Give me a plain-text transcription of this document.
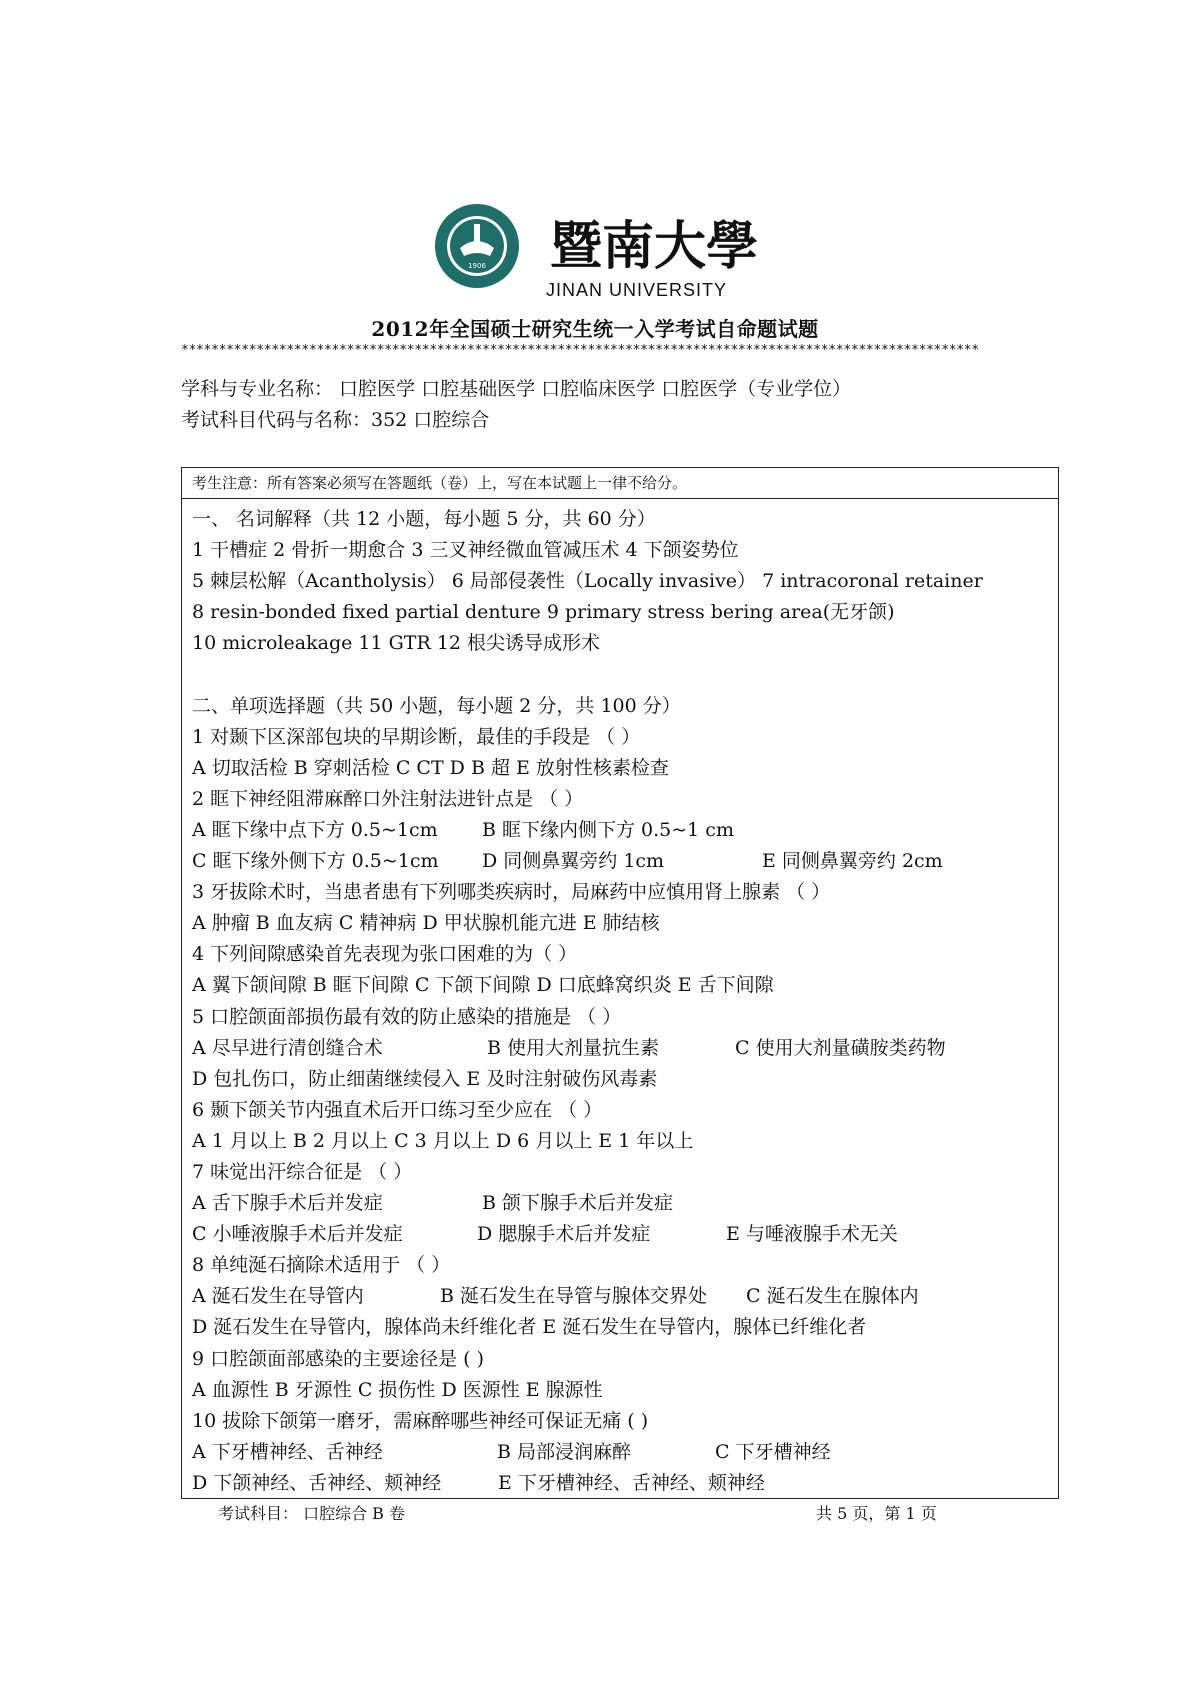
1906 暨南大學
JINAN UNIVERSITY
2012年全国硕士研究生统一入学考试自命题试题
**********************************************************************************************************
学科与专业名称： 口腔医学 口腔基础医学 口腔临床医学 口腔医学（专业学位）
考试科目代码与名称：352 口腔综合
考生注意：所有答案必须写在答题纸（卷）上，写在本试题上一律不给分。
一、 名词解释（共 12 小题，每小题 5 分，共 60 分）
1 干槽症 2 骨折一期愈合 3 三叉神经微血管减压术 4 下颌姿势位
5 棘层松解（Acantholysis） 6 局部侵袭性（Locally invasive） 7 intracoronal retainer
8 resin-bonded fixed partial denture 9 primary stress bering area(无牙颌)
10 microleakage 11 GTR 12 根尖诱导成形术
二、单项选择题（共 50 小题，每小题 2 分，共 100 分）
1 对颞下区深部包块的早期诊断，最佳的手段是 （ ）
A 切取活检 B 穿刺活检 C CT D B 超 E 放射性核素检查
2 眶下神经阻滞麻醉口外注射法进针点是 （ ）
A 眶下缘中点下方 0.5~1cm B 眶下缘内侧下方 0.5~1 cm
C 眶下缘外侧下方 0.5~1cm D 同侧鼻翼旁约 1cm	E 同侧鼻翼旁约 2cm
3 牙拔除术时，当患者患有下列哪类疾病时，局麻药中应慎用肾上腺素 （ ）
A 肿瘤 B 血友病 C 精神病 D 甲状腺机能亢进 E 肺结核
4 下列间隙感染首先表现为张口困难的为（ ）
A 翼下颌间隙 B 眶下间隙 C 下颌下间隙 D 口底蜂窝织炎 E 舌下间隙
5 口腔颌面部损伤最有效的防止感染的措施是 （ ）
A 尽早进行清创缝合术	B 使用大剂量抗生素	C 使用大剂量磺胺类药物
D 包扎伤口，防止细菌继续侵入 E 及时注射破伤风毒素
6 颞下颌关节内强直术后开口练习至少应在 （ ）
A 1 月以上 B 2 月以上 C 3 月以上 D 6 月以上 E 1 年以上
7 味觉出汗综合征是 （ ）
A 舌下腺手术后并发症	B 颌下腺手术后并发症
C 小唾液腺手术后并发症	D 腮腺手术后并发症	E 与唾液腺手术无关
8 单纯涎石摘除术适用于 （ ）
A 涎石发生在导管内	B 涎石发生在导管与腺体交界处 C 涎石发生在腺体内
D 涎石发生在导管内，腺体尚未纤维化者 E 涎石发生在导管内，腺体已纤维化者
9 口腔颌面部感染的主要途径是 ( )
A 血源性 B 牙源性 C 损伤性 D 医源性 E 腺源性
10 拔除下颌第一磨牙，需麻醉哪些神经可保证无痛 ( )
A 下牙槽神经、舌神经	B 局部浸润麻醉	C 下牙槽神经
D 下颌神经、舌神经、颊神经	E 下牙槽神经、舌神经、颊神经
考试科目： 口腔综合 B 卷	共 5 页，第 1 页
